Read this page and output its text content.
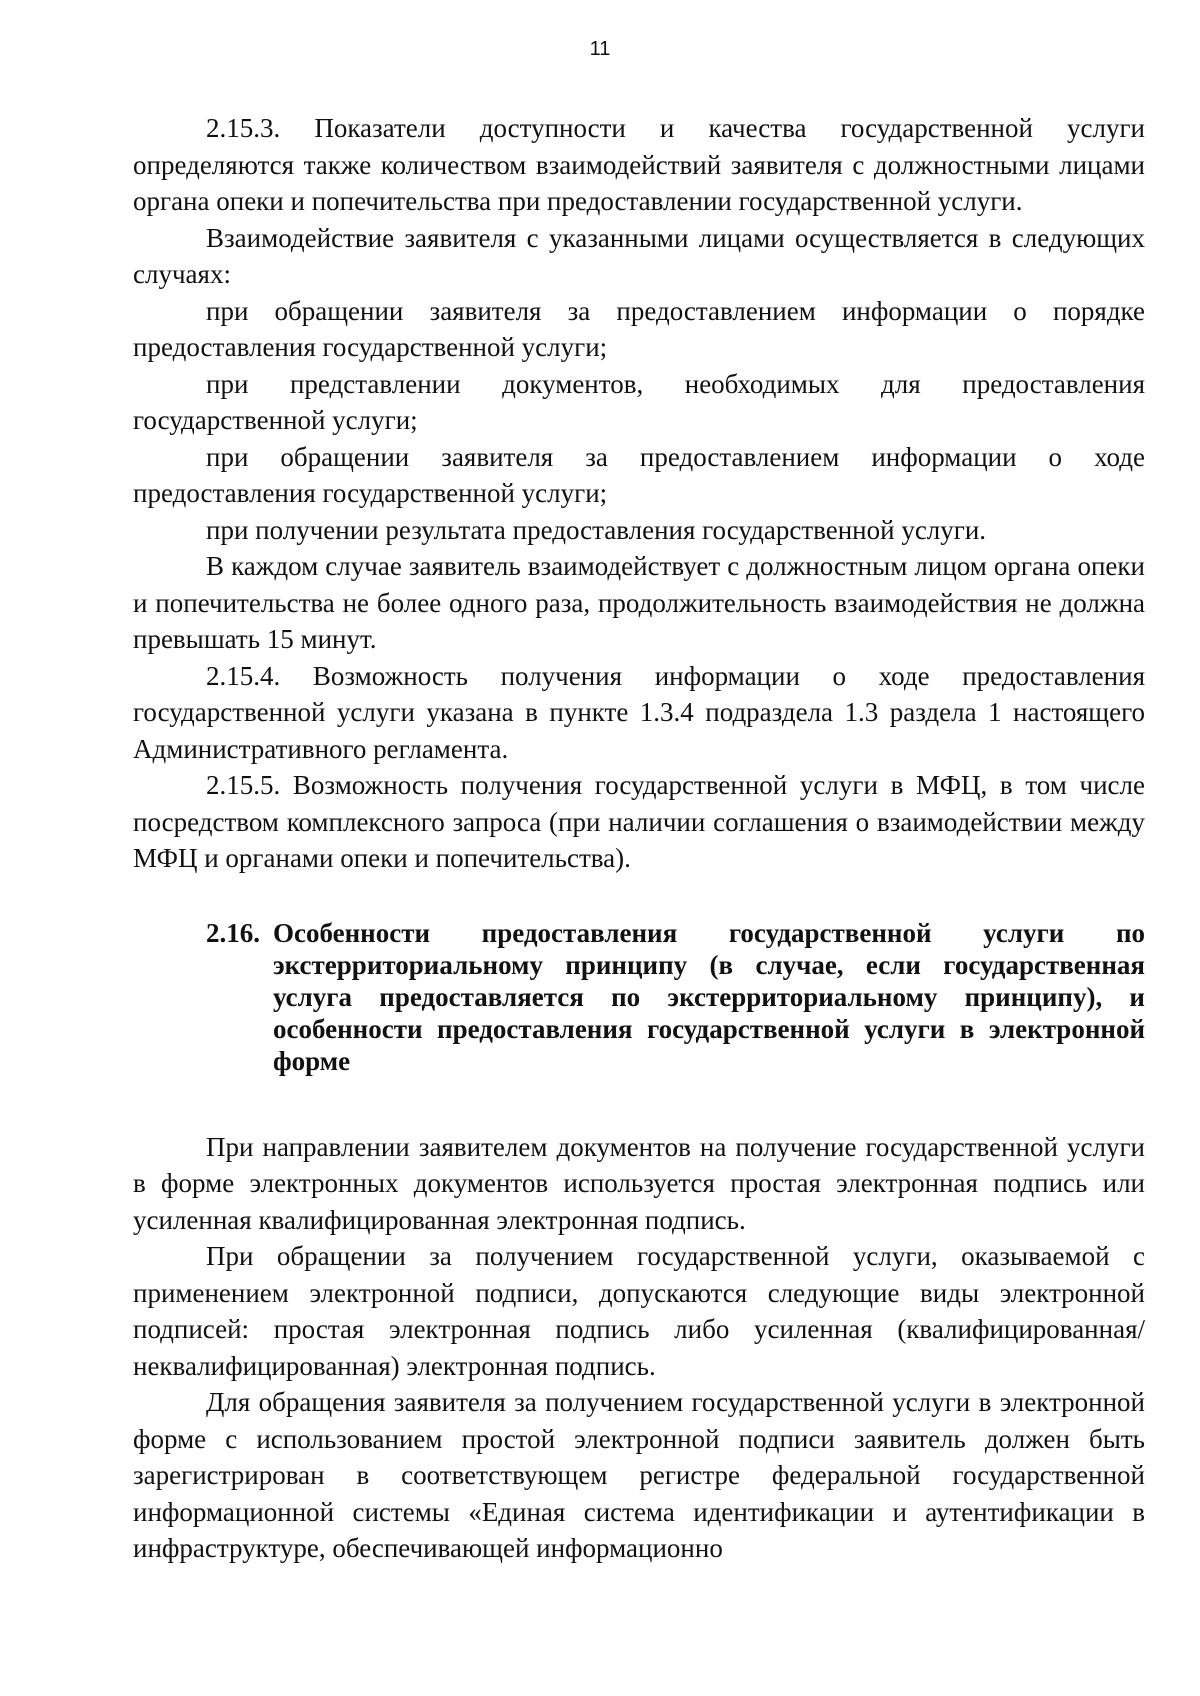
11

2.15.3. Показатели доступности и качества государственной услуги определяются также количеством взаимодействий заявителя с должностными лицами органа опеки и попечительства при предоставлении государственной услуги.

Взаимодействие заявителя с указанными лицами осуществляется в следующих случаях:

при обращении заявителя за предоставлением информации о порядке предоставления государственной услуги;

при представлении документов, необходимых для предоставления государственной услуги;

при обращении заявителя за предоставлением информации о ходе предоставления государственной услуги;

при получении результата предоставления государственной услуги.

В каждом случае заявитель взаимодействует с должностным лицом органа опеки и попечительства не более одного раза, продолжительность взаимодействия не должна превышать 15 минут.

2.15.4. Возможность получения информации о ходе предоставления государственной услуги указана в пункте 1.3.4 подраздела 1.3 раздела 1 настоящего Административного регламента.

2.15.5. Возможность получения государственной услуги в МФЦ, в том числе посредством комплексного запроса (при наличии соглашения о взаимодействии между МФЦ и органами опеки и попечительства).

2.16. Особенности предоставления государственной услуги по экстерриториальному принципу (в случае, если государственная услуга предоставляется по экстерриториальному принципу), и особенности предоставления государственной услуги в электронной форме

При направлении заявителем документов на получение государственной услуги в форме электронных документов используется простая электронная подпись или усиленная квалифицированная электронная подпись.

При обращении за получением государственной услуги, оказываемой с применением электронной подписи, допускаются следующие виды электронной подписей: простая электронная подпись либо усиленная (квалифицированная/неквалифицированная) электронная подпись.

Для обращения заявителя за получением государственной услуги в электронной форме с использованием простой электронной подписи заявитель должен быть зарегистрирован в соответствующем регистре федеральной государственной информационной системы «Единая система идентификации и аутентификации в инфраструктуре, обеспечивающей информационно
